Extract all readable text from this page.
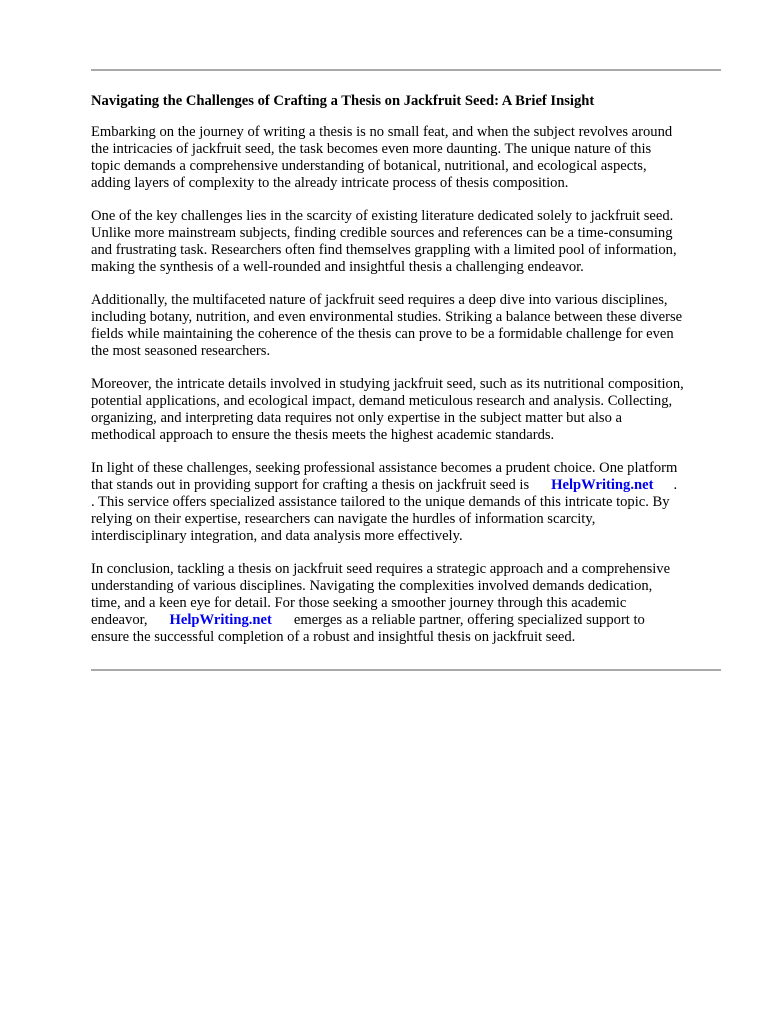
Navigating the Challenges of Crafting a Thesis on Jackfruit Seed: A Brief Insight

Embarking on the journey of writing a thesis is no small feat, and when the subject revolves around
the intricacies of jackfruit seed, the task becomes even more daunting. The unique nature of this
topic demands a comprehensive understanding of botanical, nutritional, and ecological aspects,
adding layers of complexity to the already intricate process of thesis composition.

One of the key challenges lies in the scarcity of existing literature dedicated solely to jackfruit seed.
Unlike more mainstream subjects, finding credible sources and references can be a time-consuming
and frustrating task. Researchers often find themselves grappling with a limited pool of information,
making the synthesis of a well-rounded and insightful thesis a challenging endeavor.

Additionally, the multifaceted nature of jackfruit seed requires a deep dive into various disciplines,
including botany, nutrition, and even environmental studies. Striking a balance between these diverse
fields while maintaining the coherence of the thesis can prove to be a formidable challenge for even
the most seasoned researchers.

Moreover, the intricate details involved in studying jackfruit seed, such as its nutritional composition,
potential applications, and ecological impact, demand meticulous research and analysis. Collecting,
organizing, and interpreting data requires not only expertise in the subject matter but also a
methodical approach to ensure the thesis meets the highest academic standards.

In light of these challenges, seeking professional assistance becomes a prudent choice. One platform
that stands out in providing support for crafting a thesis on jackfruit seed is HelpWriting.net .
. This service offers specialized assistance tailored to the unique demands of this intricate topic. By
relying on their expertise, researchers can navigate the hurdles of information scarcity,
interdisciplinary integration, and data analysis more effectively.

In conclusion, tackling a thesis on jackfruit seed requires a strategic approach and a comprehensive
understanding of various disciplines. Navigating the complexities involved demands dedication,
time, and a keen eye for detail. For those seeking a smoother journey through this academic
endeavor, HelpWriting.net emerges as a reliable partner, offering specialized support to
ensure the successful completion of a robust and insightful thesis on jackfruit seed.
